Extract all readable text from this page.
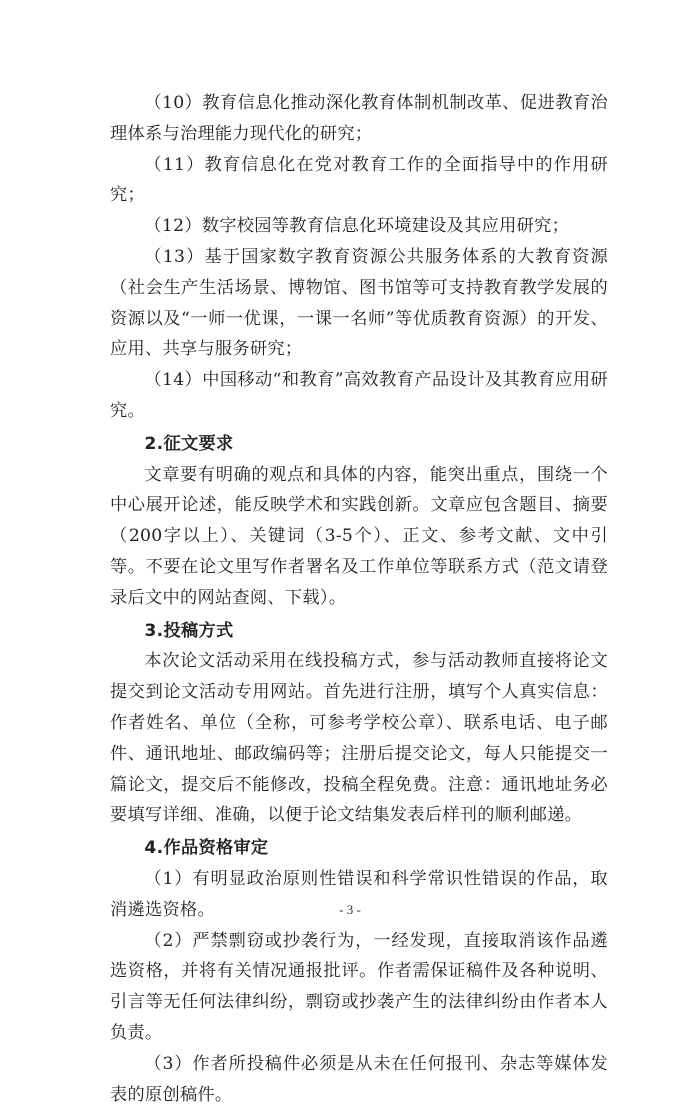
（10）教育信息化推动深化教育体制机制改革、促进教育治理体系与治理能力现代化的研究；

（11）教育信息化在党对教育工作的全面指导中的作用研究；

（12）数字校园等教育信息化环境建设及其应用研究；

（13）基于国家数字教育资源公共服务体系的大教育资源（社会生产生活场景、博物馆、图书馆等可支持教育教学发展的资源以及“一师一优课，一课一名师”等优质教育资源）的开发、应用、共享与服务研究；

（14）中国移动“和教育”高效教育产品设计及其教育应用研究。

2.征文要求

文章要有明确的观点和具体的内容，能突出重点，围绕一个中心展开论述，能反映学术和实践创新。文章应包含题目、摘要（200字以上）、关键词（3-5个）、正文、参考文献、文中引等。不要在论文里写作者署名及工作单位等联系方式（范文请登录后文中的网站查阅、下载）。

3.投稿方式

本次论文活动采用在线投稿方式，参与活动教师直接将论文提交到论文活动专用网站。首先进行注册，填写个人真实信息：作者姓名、单位（全称，可参考学校公章）、联系电话、电子邮件、通讯地址、邮政编码等；注册后提交论文，每人只能提交一篇论文，提交后不能修改，投稿全程免费。注意：通讯地址务必要填写详细、准确，以便于论文结集发表后样刊的顺利邮递。

4.作品资格审定

（1）有明显政治原则性错误和科学常识性错误的作品，取消遴选资格。

（2）严禁剽窃或抄袭行为，一经发现，直接取消该作品遴选资格，并将有关情况通报批评。作者需保证稿件及各种说明、引言等无任何法律纠纷，剽窃或抄袭产生的法律纠纷由作者本人负责。

（3）作者所投稿件必须是从未在任何报刊、杂志等媒体发表的原创稿件。

- 3 -
